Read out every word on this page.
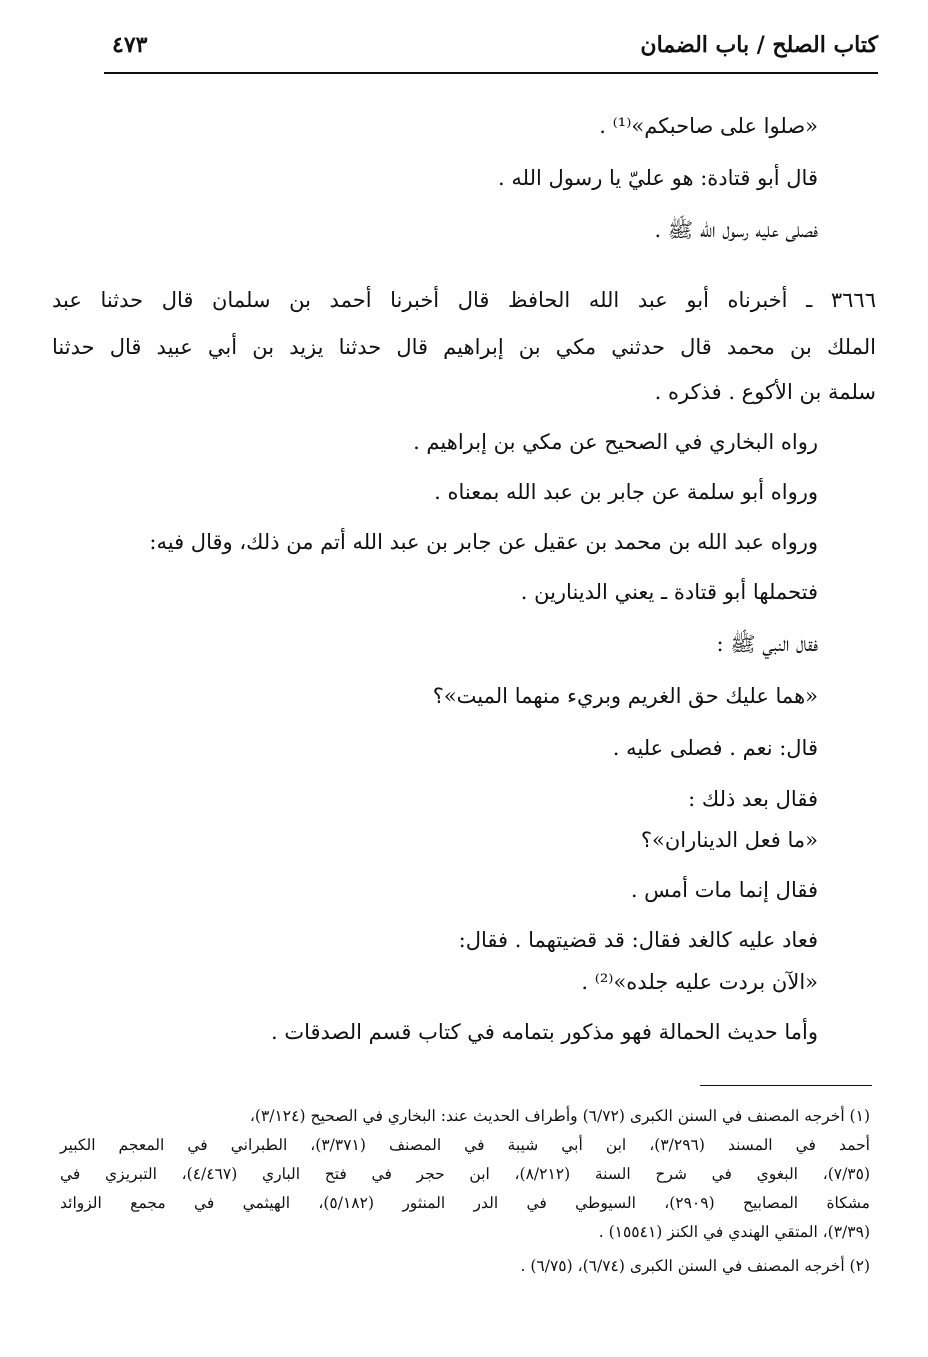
كتاب الصلح / باب الضمان
٤٧٣
«صلوا على صاحبكم»⁽¹⁾ .
قال أبو قتادة: هو عليّ يا رسول الله .
فصلى عليه رسول الله ﷺ .
٣٦٦٦ ـ أخبرناه أبو عبد الله الحافظ قال أخبرنا أحمد بن سلمان قال حدثنا عبد
الملك بن محمد قال حدثني مكي بن إبراهيم قال حدثنا يزيد بن أبي عبيد قال حدثنا
سلمة بن الأكوع . فذكره .
رواه البخاري في الصحيح عن مكي بن إبراهيم .
ورواه أبو سلمة عن جابر بن عبد الله بمعناه .
ورواه عبد الله بن محمد بن عقيل عن جابر بن عبد الله أتم من ذلك، وقال فيه:
فتحملها أبو قتادة ـ يعني الدينارين .
فقال النبي ﷺ :
«هما عليك حق الغريم وبريء منهما الميت»؟
قال: نعم . فصلى عليه .
فقال بعد ذلك :
«ما فعل الديناران»؟
فقال إنما مات أمس .
فعاد عليه كالغد فقال: قد قضيتهما . فقال:
«الآن بردت عليه جلده»⁽²⁾ .
وأما حديث الحمالة فهو مذكور بتمامه في كتاب قسم الصدقات .
(١) أخرجه المصنف في السنن الكبرى (٦/٧٢) وأطراف الحديث عند: البخاري في الصحيح (٣/١٢٤)،
أحمد في المسند (٣/٢٩٦)، ابن أبي شيبة في المصنف (٣/٣٧١)، الطبراني في المعجم الكبير
(٧/٣٥)، البغوي في شرح السنة (٨/٢١٢)، ابن حجر في فتح الباري (٤/٤٦٧)، التبريزي في
مشكاة المصابيح (٢٩٠٩)، السيوطي في الدر المنثور (٥/١٨٢)، الهيثمي في مجمع الزوائد
(٣/٣٩)، المتقي الهندي في الكنز (١٥٥٤١) .
(٢) أخرجه المصنف في السنن الكبرى (٦/٧٤)، (٦/٧٥) .
